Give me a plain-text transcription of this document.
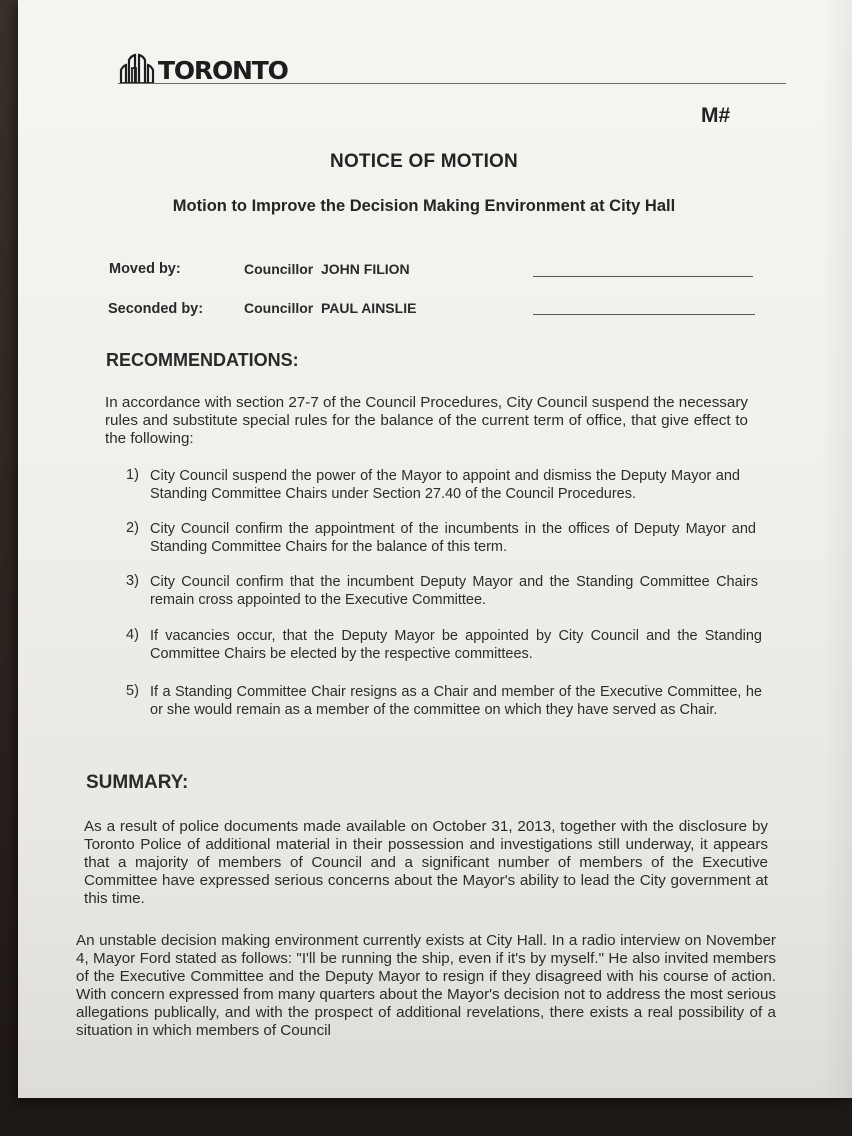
TORONTO
M#
NOTICE OF MOTION
Motion to Improve the Decision Making Environment at City Hall
Moved by:	Councillor  JOHN FILION
Seconded by:	Councillor  PAUL AINSLIE
RECOMMENDATIONS:
In accordance with section 27-7 of the Council Procedures, City Council suspend the necessary rules and substitute special rules for the balance of the current term of office, that give effect to the following:
1) City Council suspend the power of the Mayor to appoint and dismiss the Deputy Mayor and Standing Committee Chairs under Section 27.40 of the Council Procedures.
2) City Council confirm the appointment of the incumbents in the offices of Deputy Mayor and Standing Committee Chairs for the balance of this term.
3) City Council confirm that the incumbent Deputy Mayor and the Standing Committee Chairs remain cross appointed to the Executive Committee.
4) If vacancies occur, that the Deputy Mayor be appointed by City Council and the Standing Committee Chairs be elected by the respective committees.
5) If a Standing Committee Chair resigns as a Chair and member of the Executive Committee, he or she would remain as a member of the committee on which they have served as Chair.
SUMMARY:
As a result of police documents made available on October 31, 2013, together with the disclosure by Toronto Police of additional material in their possession and investigations still underway, it appears that a majority of members of Council and a significant number of members of the Executive Committee have expressed serious concerns about the Mayor's ability to lead the City government at this time.
An unstable decision making environment currently exists at City Hall. In a radio interview on November 4, Mayor Ford stated as follows: "I'll be running the ship, even if it's by myself." He also invited members of the Executive Committee and the Deputy Mayor to resign if they disagreed with his course of action. With concern expressed from many quarters about the Mayor's decision not to address the most serious allegations publically, and with the prospect of additional revelations, there exists a real possibility of a situation in which members of Council
